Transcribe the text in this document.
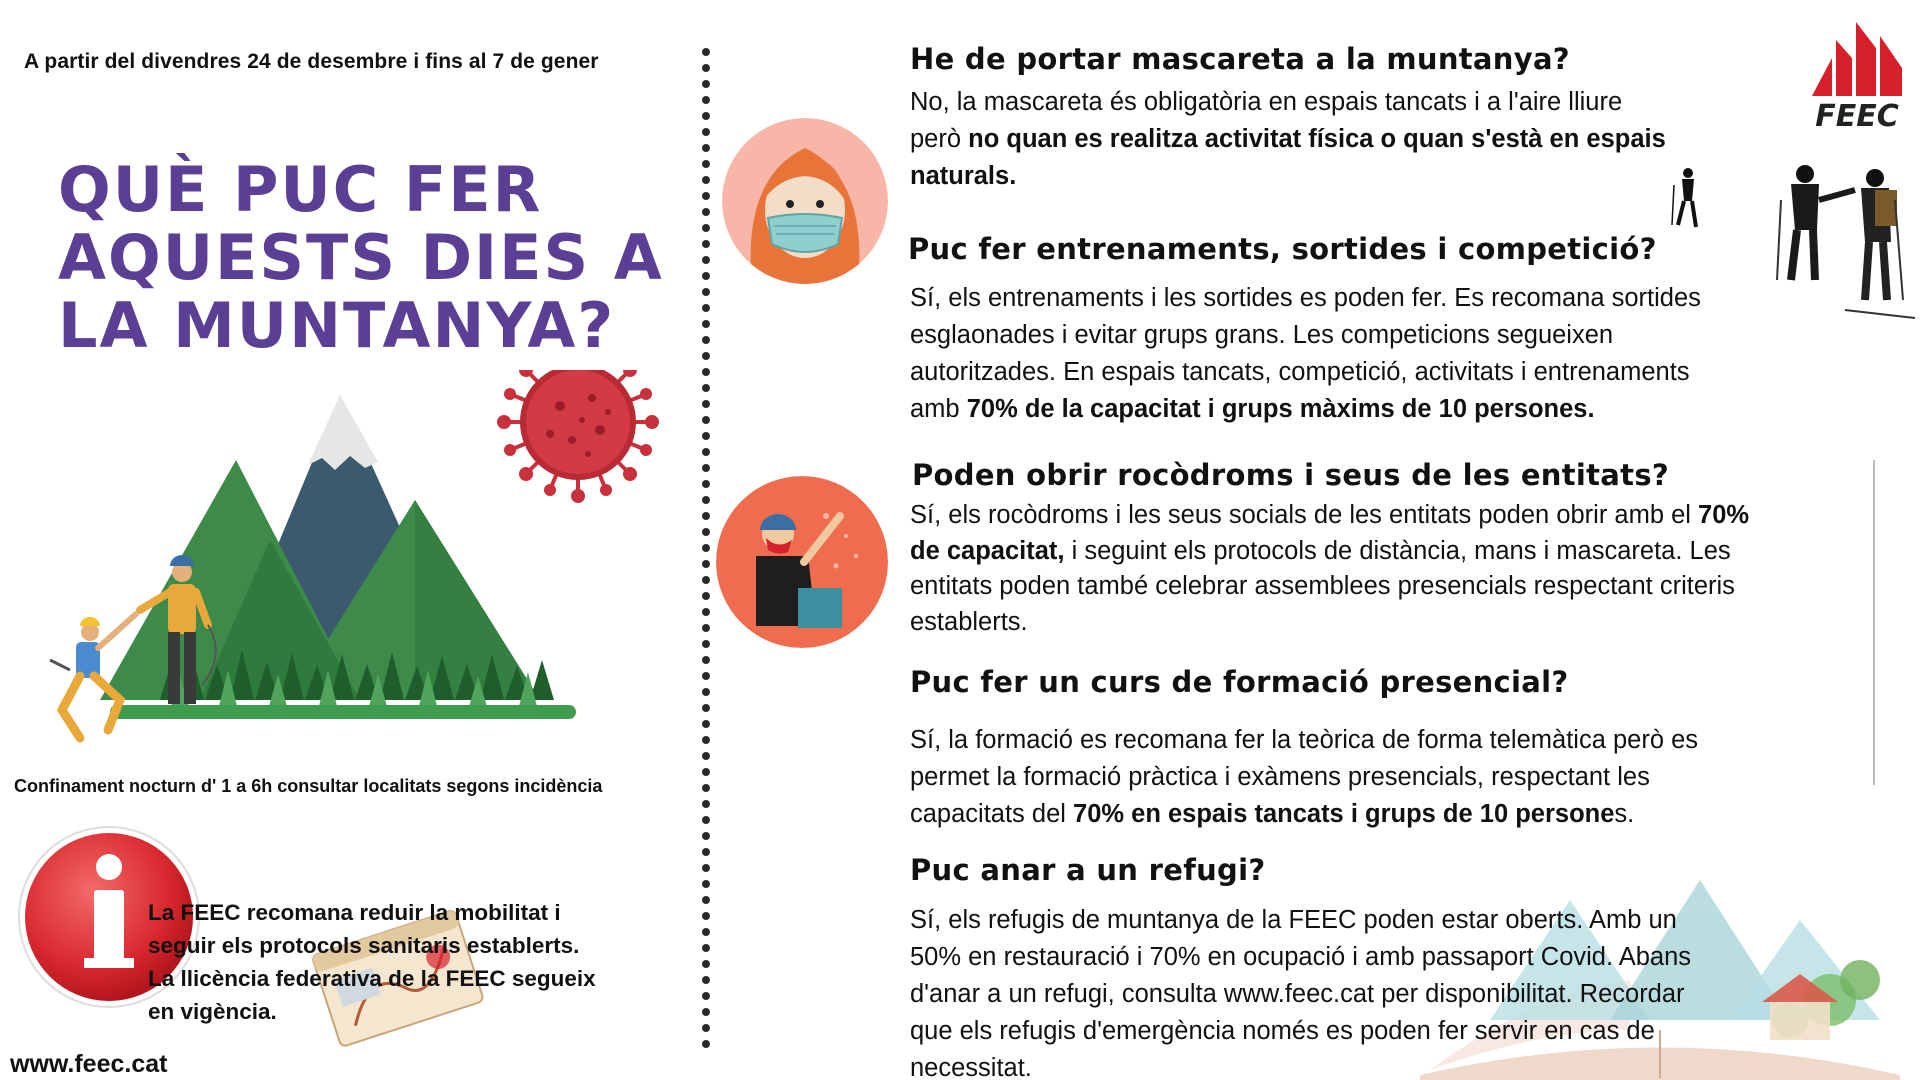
A partir del divendres 24 de desembre i fins al 7 de gener
QUÈ PUC FER
AQUESTS DIES A
LA MUNTANYA?
Confinament nocturn d' 1 a 6h consultar localitats segons incidència

La FEEC recomana reduir la mobilitat i

seguir els protocols sanitaris establerts.

La llicència federativa de la FEEC segueix

en vigència.

www.feec.cat
FEEC
He de portar mascareta a la muntanya?
No, la mascareta és obligatòria en espais tancats i a l'aire lliure
però no quan es realitza activitat física o quan s'està en espais
naturals.
Puc fer entrenaments, sortides i competició?
Sí, els entrenaments i les sortides es poden fer. Es recomana sortides
esglaonades i evitar grups grans. Les competicions segueixen
autoritzades. En espais tancats, competició, activitats i entrenaments
amb 70% de la capacitat i grups màxims de 10 persones.
Poden obrir rocòdroms i seus de les entitats?
Sí, els rocòdroms i les seus socials de les entitats poden obrir amb el 70%
de capacitat, i seguint els protocols de distància, mans i mascareta. Les
entitats poden també celebrar assemblees presencials respectant criteris
establerts.
Puc fer un curs de formació presencial?
Sí, la formació es recomana fer la teòrica de forma telemàtica però es
permet la formació pràctica i exàmens presencials, respectant les
capacitats del 70% en espais tancats i grups de 10 persones.
Puc anar a un refugi?
Sí, els refugis de muntanya de la FEEC poden estar oberts. Amb un
50% en restauració i 70% en ocupació i amb passaport Covid. Abans
d'anar a un refugi, consulta www.feec.cat per disponibilitat. Recordar
que els refugis d'emergència només es poden fer servir en cas de
necessitat.
